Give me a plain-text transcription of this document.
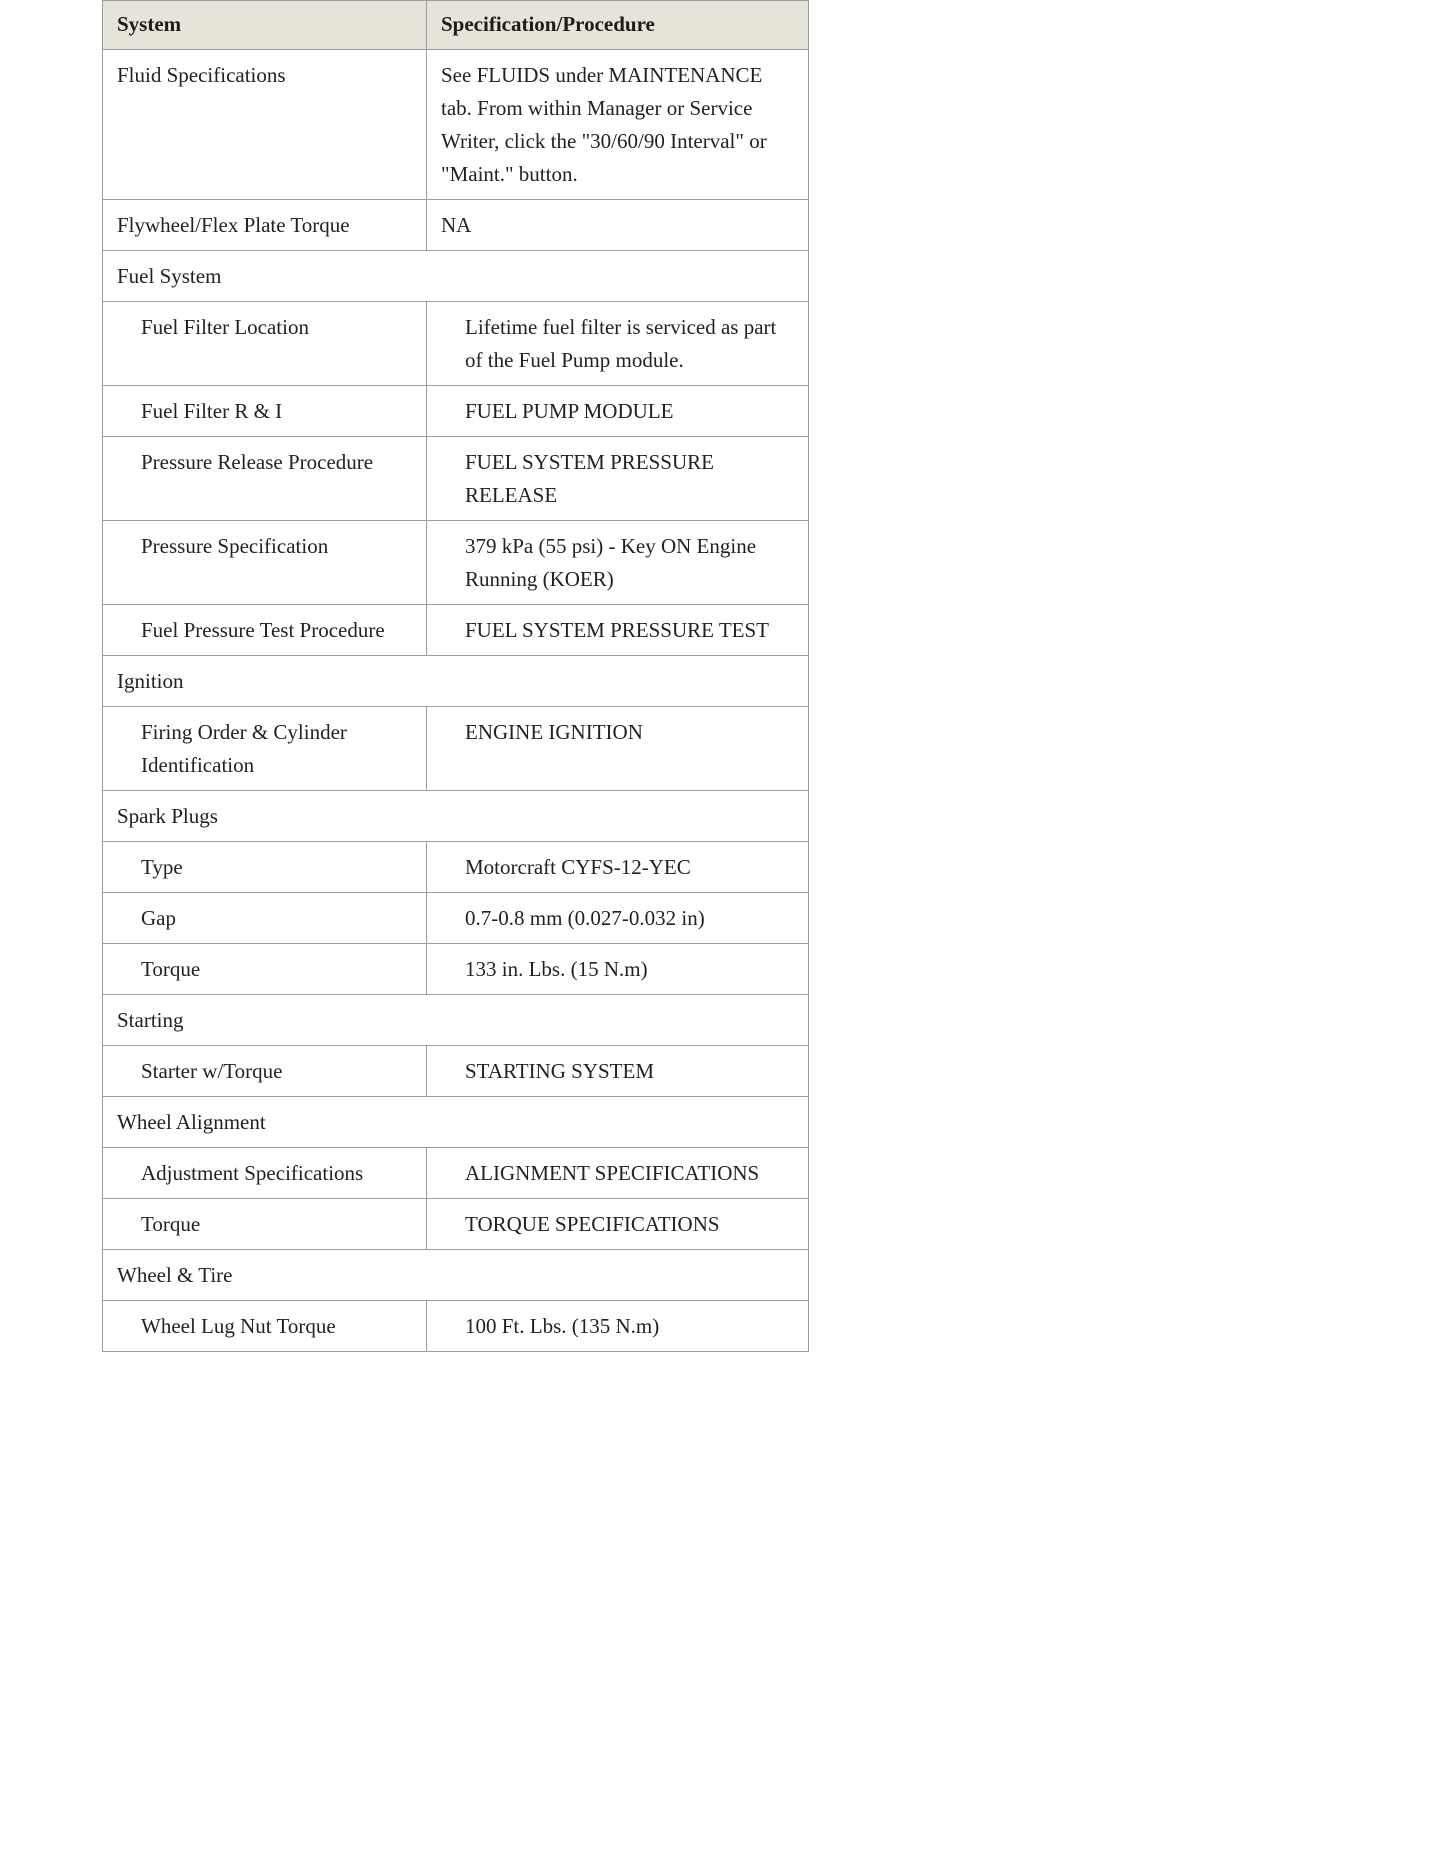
System	Specification/Procedure
Fluid Specifications	See FLUIDS under MAINTENANCE tab. From within Manager or Service Writer, click the "30/60/90 Interval" or "Maint." button.
Flywheel/Flex Plate Torque	NA
Fuel System	
Fuel Filter Location	Lifetime fuel filter is serviced as part of the Fuel Pump module.
Fuel Filter R & I	FUEL PUMP MODULE
Pressure Release Procedure	FUEL SYSTEM PRESSURE RELEASE
Pressure Specification	379 kPa (55 psi) - Key ON Engine Running (KOER)
Fuel Pressure Test Procedure	FUEL SYSTEM PRESSURE TEST
Ignition	
Firing Order & Cylinder Identification	ENGINE IGNITION
Spark Plugs	
Type	Motorcraft CYFS-12-YEC
Gap	0.7-0.8 mm (0.027-0.032 in)
Torque	133 in. Lbs. (15 N.m)
Starting	
Starter w/Torque	STARTING SYSTEM
Wheel Alignment	
Adjustment Specifications	ALIGNMENT SPECIFICATIONS
Torque	TORQUE SPECIFICATIONS
Wheel & Tire	
Wheel Lug Nut Torque	100 Ft. Lbs. (135 N.m)
